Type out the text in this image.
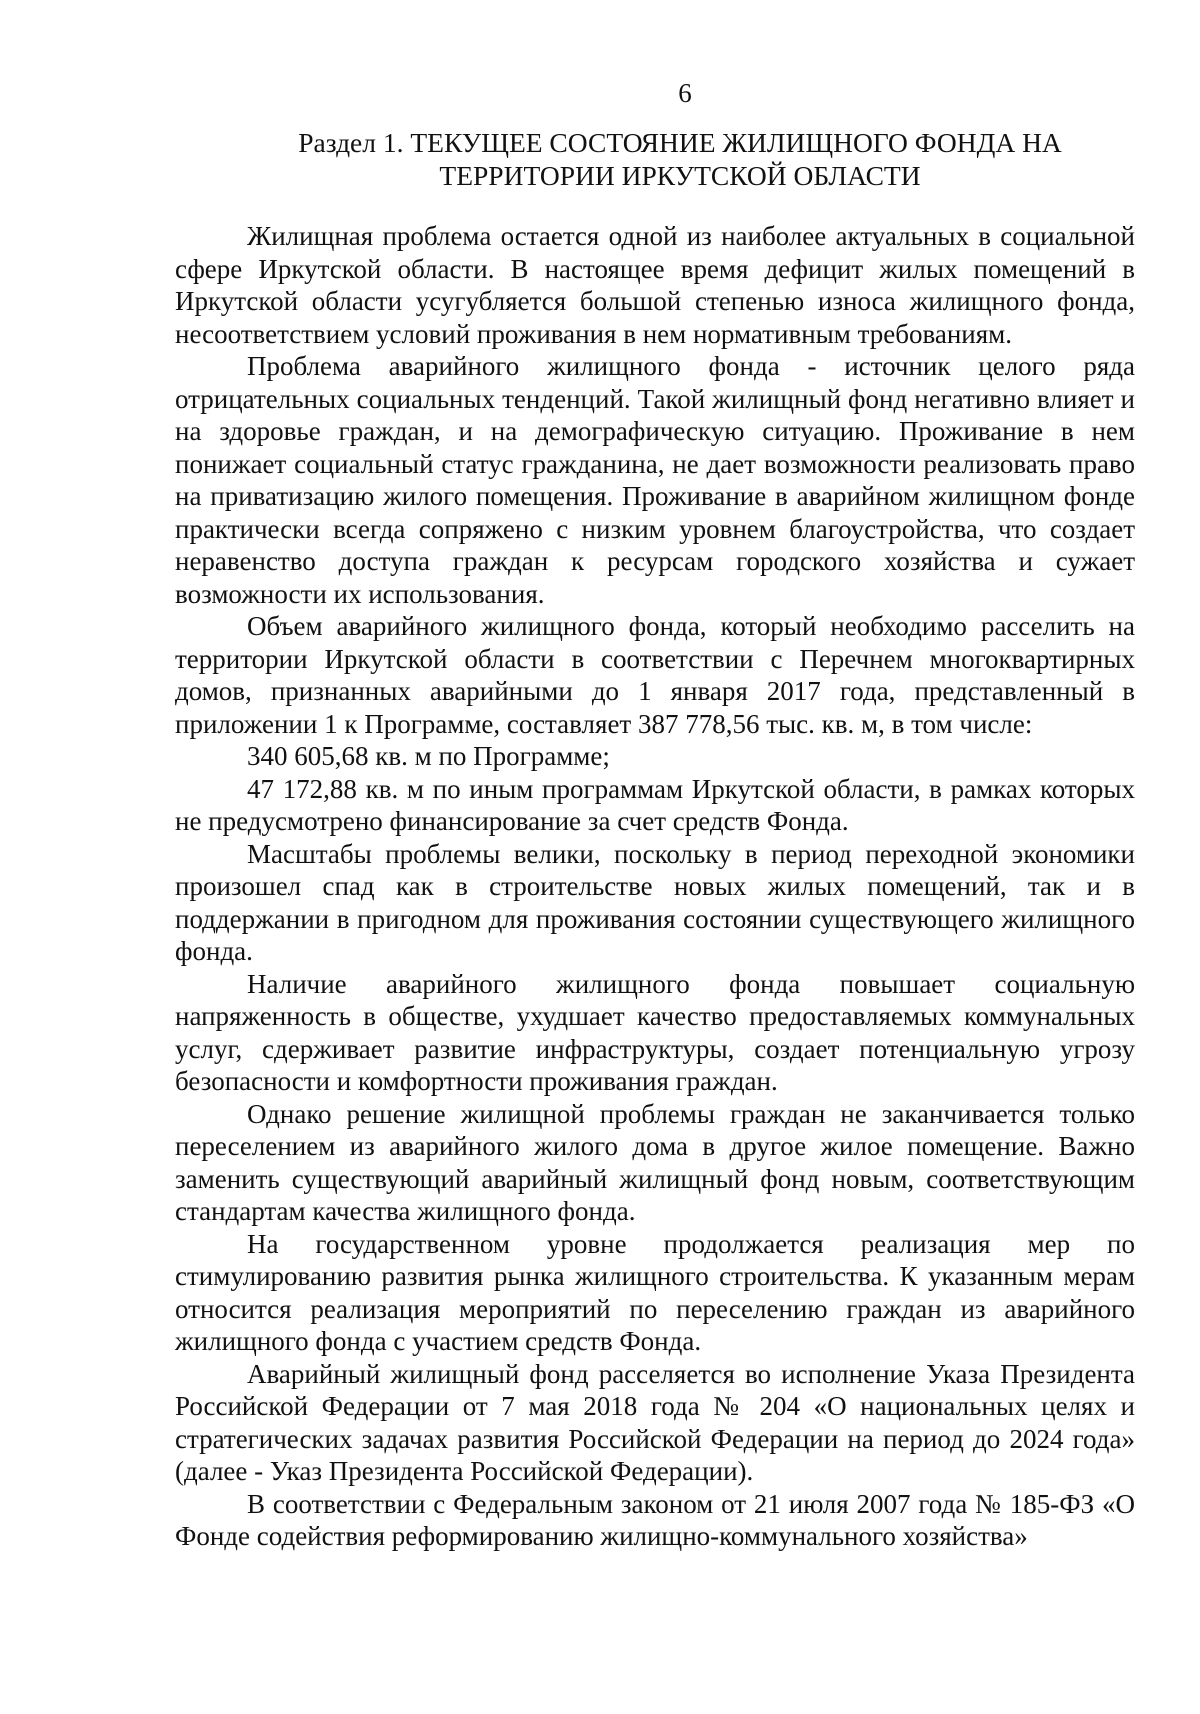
6
Раздел 1. ТЕКУЩЕЕ СОСТОЯНИЕ ЖИЛИЩНОГО ФОНДА НА
ТЕРРИТОРИИ ИРКУТСКОЙ ОБЛАСТИ

Жилищная проблема остается одной из наиболее актуальных в социальной сфере Иркутской области. В настоящее время дефицит жилых помещений в Иркутской области усугубляется большой степенью износа жилищного фонда, несоответствием условий проживания в нем нормативным требованиям.

Проблема аварийного жилищного фонда - источник целого ряда отрицательных социальных тенденций. Такой жилищный фонд негативно влияет и на здоровье граждан, и на демографическую ситуацию. Проживание в нем понижает социальный статус гражданина, не дает возможности реализовать право на приватизацию жилого помещения. Проживание в аварийном жилищном фонде практически всегда сопряжено с низким уровнем благоустройства, что создает неравенство доступа граждан к ресурсам городского хозяйства и сужает возможности их использования.

Объем аварийного жилищного фонда, который необходимо расселить на территории Иркутской области в соответствии с Перечнем многоквартирных домов, признанных аварийными до 1 января 2017 года, представленный в приложении 1 к Программе, составляет 387 778,56 тыс. кв. м, в том числе:

340 605,68 кв. м по Программе;

47 172,88 кв. м по иным программам Иркутской области, в рамках которых не предусмотрено финансирование за счет средств Фонда.

Масштабы проблемы велики, поскольку в период переходной экономики произошел спад как в строительстве новых жилых помещений, так и в поддержании в пригодном для проживания состоянии существующего жилищного фонда.

Наличие аварийного жилищного фонда повышает социальную напряженность в обществе, ухудшает качество предоставляемых коммунальных услуг, сдерживает развитие инфраструктуры, создает потенциальную угрозу безопасности и комфортности проживания граждан.

Однако решение жилищной проблемы граждан не заканчивается только переселением из аварийного жилого дома в другое жилое помещение. Важно заменить существующий аварийный жилищный фонд новым, соответствующим стандартам качества жилищного фонда.

На государственном уровне продолжается реализация мер по стимулированию развития рынка жилищного строительства. К указанным мерам относится реализация мероприятий по переселению граждан из аварийного жилищного фонда с участием средств Фонда.

Аварийный жилищный фонд расселяется во исполнение Указа Президента Российской Федерации от 7 мая 2018 года № 204 «О национальных целях и стратегических задачах развития Российской Федерации на период до 2024 года» (далее - Указ Президента Российской Федерации).

В соответствии с Федеральным законом от 21 июля 2007 года № 185-ФЗ «О Фонде содействия реформированию жилищно-коммунального хозяйства»
